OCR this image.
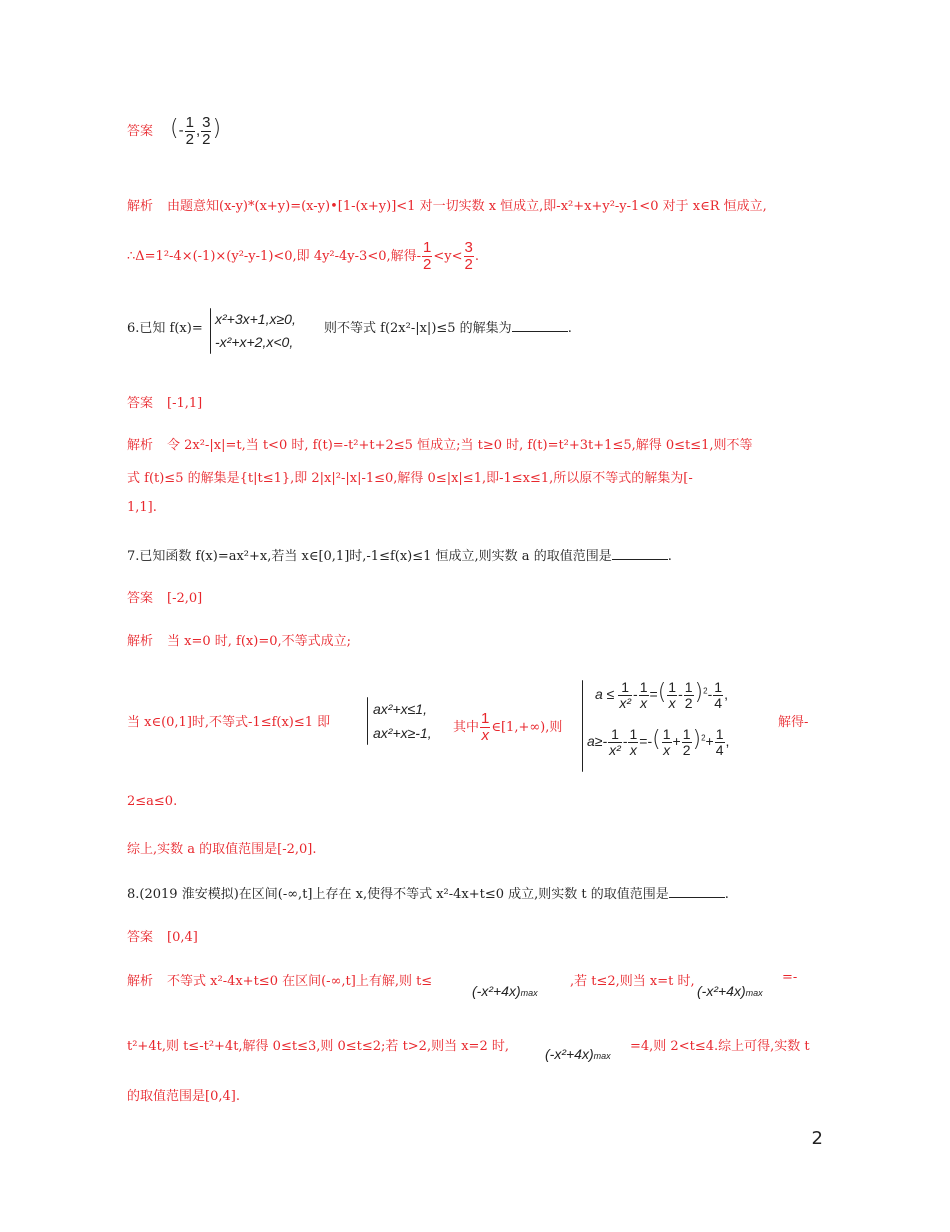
答案 (- $\frac{1}{2}$ , $\frac{3}{2}$ )
解析 由题意知(x-y)*(x+y)=(x-y)•[1-(x+y)]<1 对一切实数 x 恒成立,即-x²+x+y²-y-1<0 对于 x∈R 恒成立,
∴Δ=1²-4×(-1)×(y²-y-1)<0,即 4y²-4y-3<0,解得- $\frac{1}{2} <y< \frac{3}{2}$ .
6.已知 f(x)=
x²+3x+1,x≥0,
-x²+x+2,x<0,
则不等式 f(2x²-|x|)≤5 的解集为	.
答案 [-1,1]
解析 令 2x²-|x|=t,当 t<0 时, f(t)=-t²+t+2≤5 恒成立;当 t≥0 时, f(t)=t²+3t+1≤5,解得 0≤t≤1,则不等
式 f(t)≤5 的解集是{t|t≤1},即 2|x|²-|x|-1≤0,解得 0≤|x|≤1,即-1≤x≤1,所以原不等式的解集为[-
1,1].
7.已知函数 f(x)=ax²+x,若当 x∈[0,1]时,-1≤f(x)≤1 恒成立,则实数 a 的取值范围是	.
答案 [-2,0]
解析 当 x=0 时, f(x)=0,不等式成立;
当 x∈(0,1]时,不等式-1≤f(x)≤1 即
ax²+x≤1,
ax²+x≥-1, 其中 $\frac{1}{x}$ ∈[1,+∞),则
$a \le \frac{1}{\text{x²}} - \frac{1}{x}$ =( $\frac{1}{x} - \frac{1}{2} )^2- \frac{1}{4}$ ,
$a\ge- \frac{1}{\text{x²}} - \frac{1}{x}$ =-( $\frac{1}{x} + \frac{1}{2} )^2+ \frac{1}{4}$ ,
解得-
2≤a≤0.
综上,实数 a 的取值范围是[-2,0].
8.(2019 淮安模拟)在区间(-∞,t]上存在 x,使得不等式 x²-4x+t≤0 成立,则实数 t 的取值范围是	.
答案 [0,4]
解析 不等式 x²-4x+t≤0 在区间(-∞,t]上有解,则 t≤
(-x²+4x)max
,若 t≤2,则当 x=t 时,
(-x²+4x)max
=-
t²+4t,则 t≤-t²+4t,解得 0≤t≤3,则 0≤t≤2;若 t>2,则当 x=2 时,	(-x²+4x)max
=4,则 2<t≤4.综上可得,实数 t
的取值范围是[0,4].
2
